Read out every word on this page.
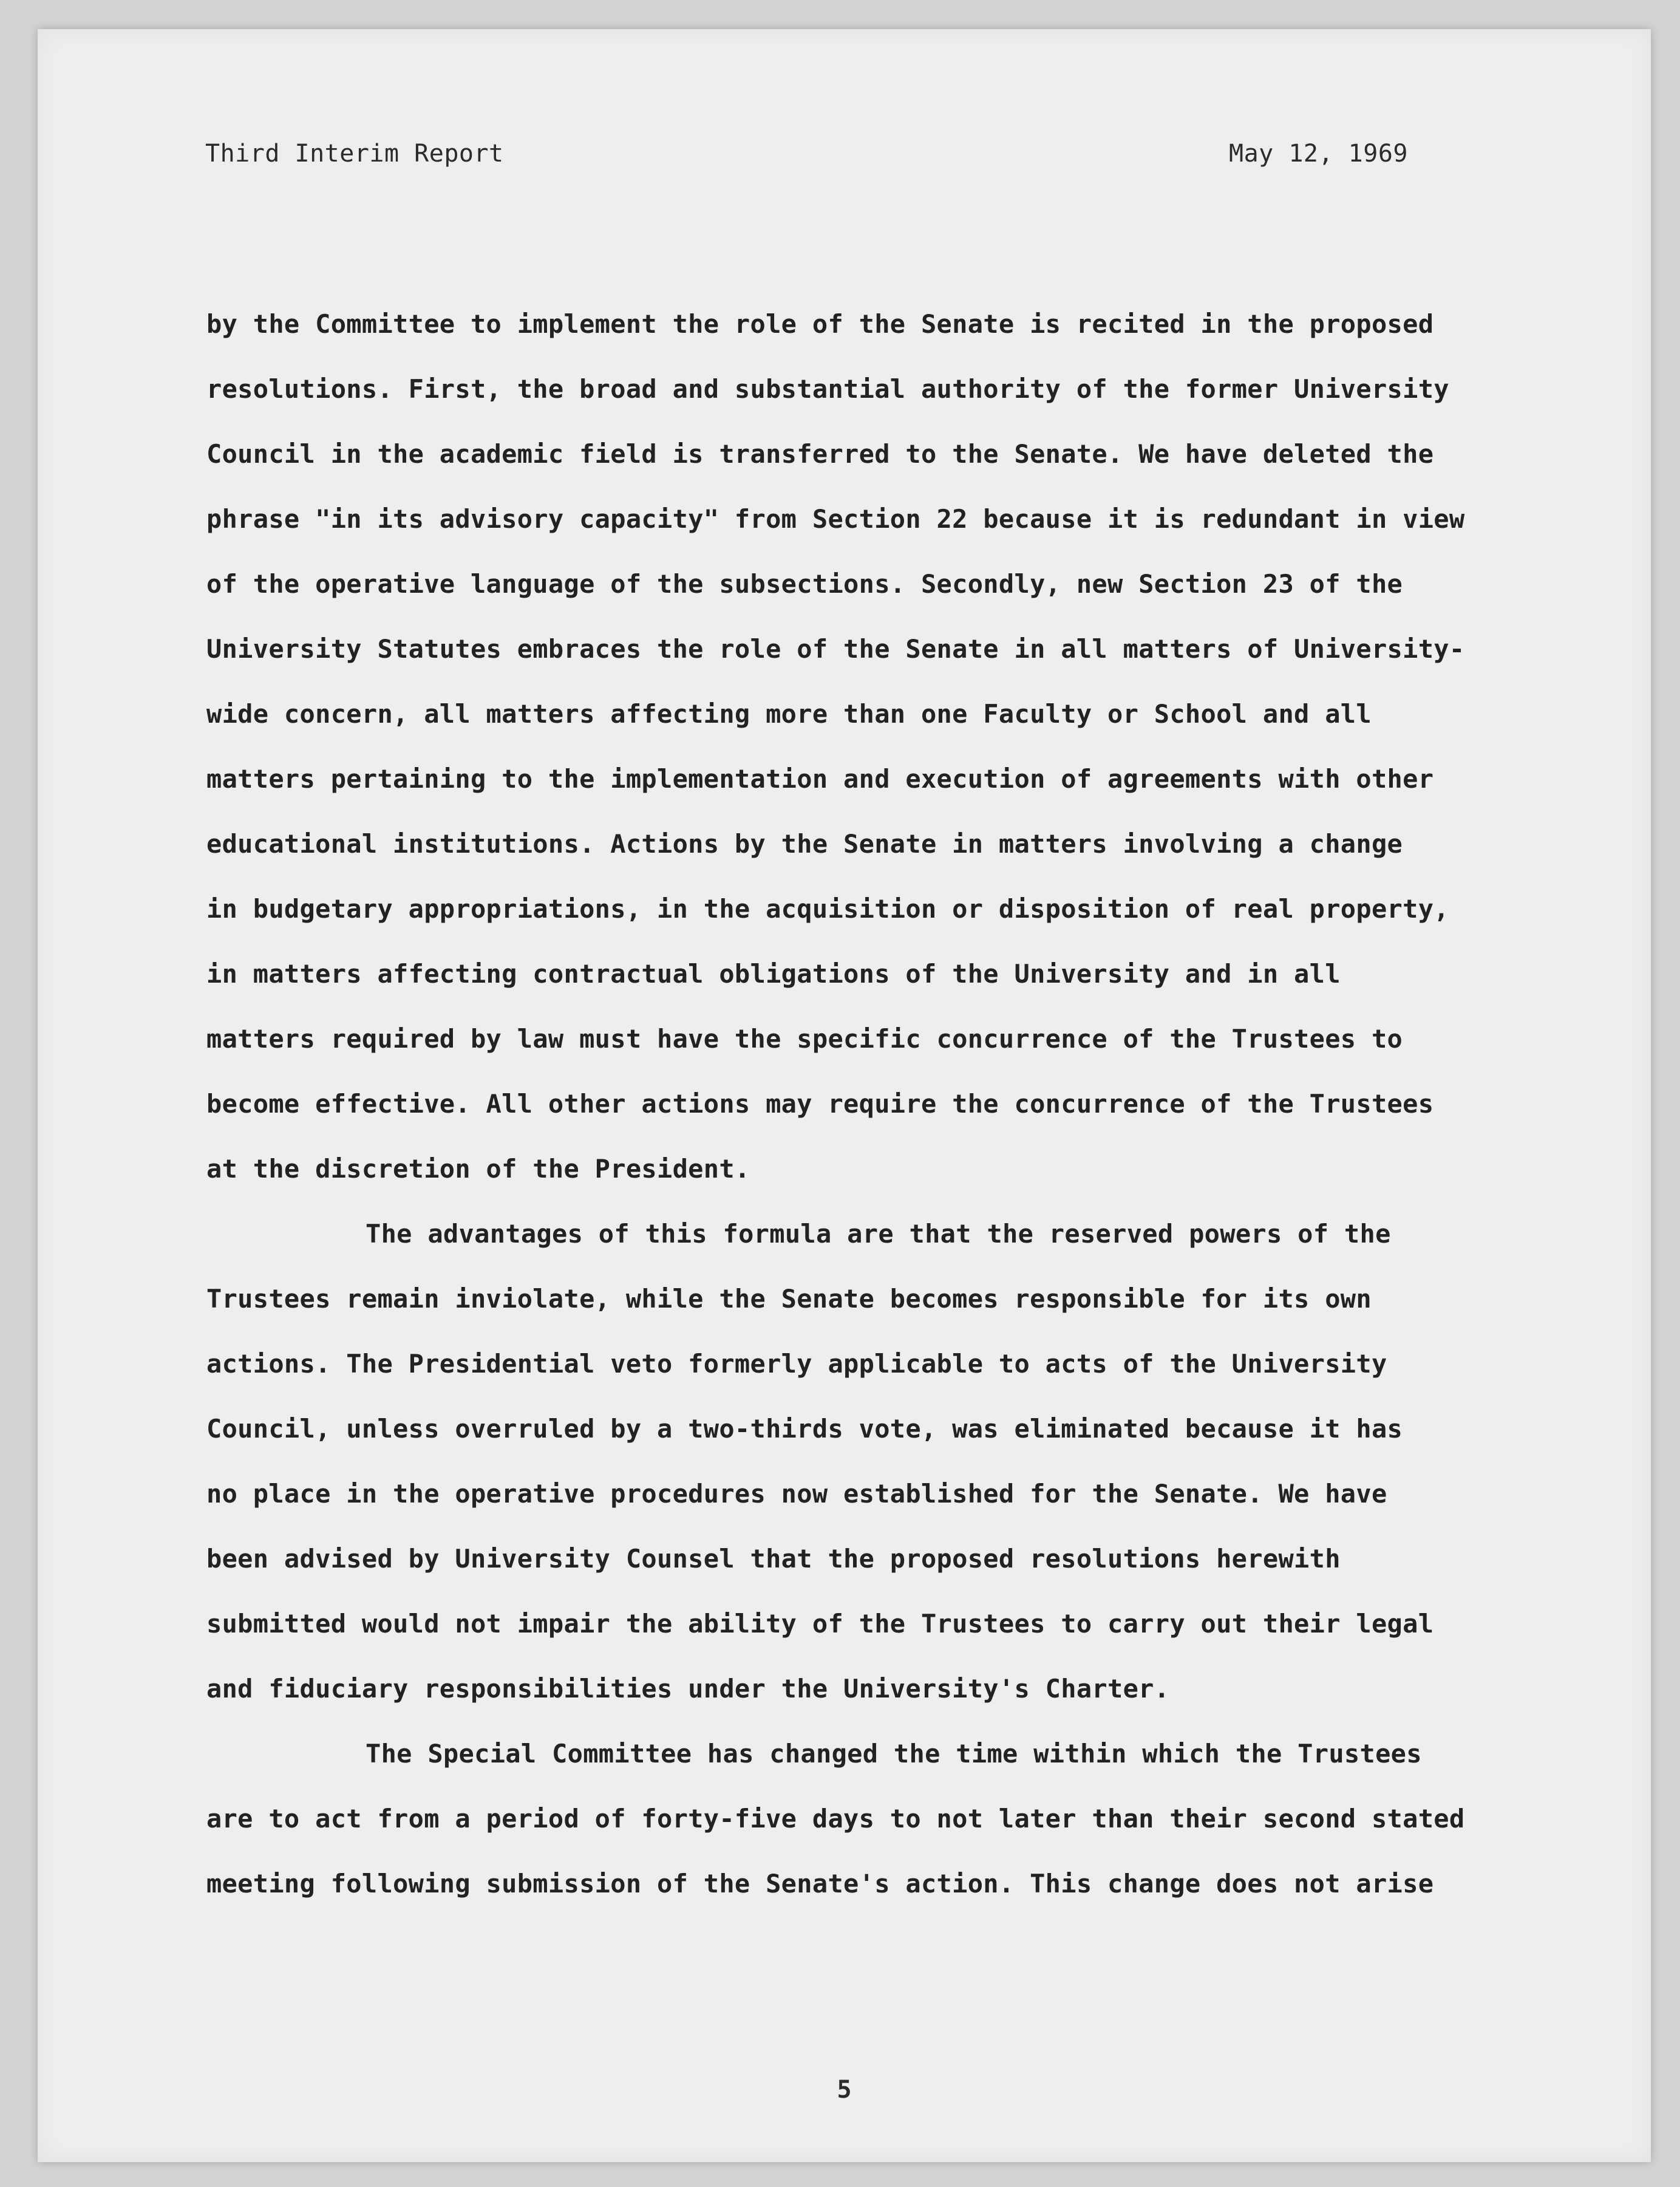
Third Interim Report	May 12, 1969
by the Committee to implement the role of the Senate is recited in the proposed
resolutions. First, the broad and substantial authority of the former University
Council in the academic field is transferred to the Senate. We have deleted the
phrase "in its advisory capacity" from Section 22 because it is redundant in view
of the operative language of the subsections. Secondly, new Section 23 of the
University Statutes embraces the role of the Senate in all matters of University-
wide concern, all matters affecting more than one Faculty or School and all
matters pertaining to the implementation and execution of agreements with other
educational institutions. Actions by the Senate in matters involving a change
in budgetary appropriations, in the acquisition or disposition of real property,
in matters affecting contractual obligations of the University and in all
matters required by law must have the specific concurrence of the Trustees to
become effective. All other actions may require the concurrence of the Trustees
at the discretion of the President.
The advantages of this formula are that the reserved powers of the
Trustees remain inviolate, while the Senate becomes responsible for its own
actions. The Presidential veto formerly applicable to acts of the University
Council, unless overruled by a two-thirds vote, was eliminated because it has
no place in the operative procedures now established for the Senate. We have
been advised by University Counsel that the proposed resolutions herewith
submitted would not impair the ability of the Trustees to carry out their legal
and fiduciary responsibilities under the University's Charter.
The Special Committee has changed the time within which the Trustees
are to act from a period of forty-five days to not later than their second stated
meeting following submission of the Senate's action. This change does not arise
5
